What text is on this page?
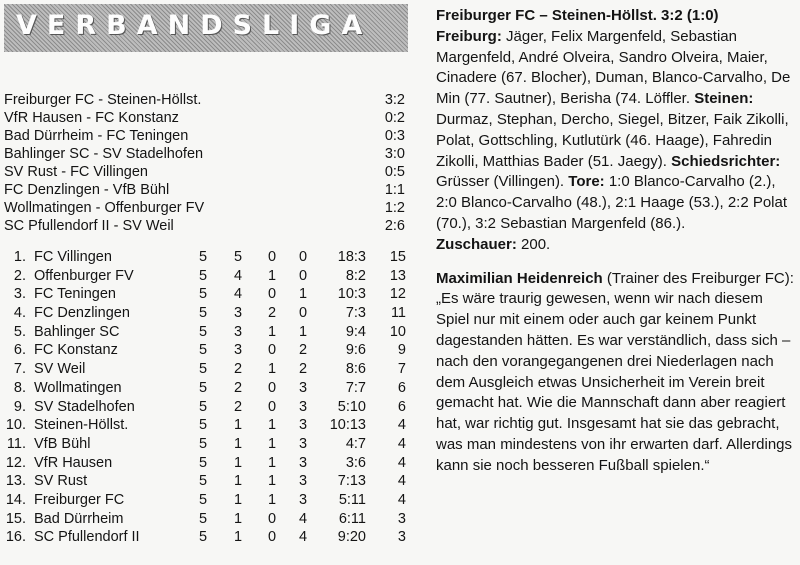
VERBANDSLIGA
Freiburger FC - Steinen-Höllst.	3:2
VfR Hausen - FC Konstanz	0:2
Bad Dürrheim - FC Teningen	0:3
Bahlinger SC - SV Stadelhofen	3:0
SV Rust - FC Villingen	0:5
FC Denzlingen - VfB Bühl	1:1
Wollmatingen - Offenburger FV	1:2
SC Pfullendorf II - SV Weil	2:6
1. FC Villingen	5 5 0 0	18:3	15
2. Offenburger FV	5 4 1 0	8:2	13
3. FC Teningen	5 4 0 1	10:3	12
4. FC Denzlingen	5 3 2 0	7:3	11
5. Bahlinger SC	5 3 1 1	9:4	10
6. FC Konstanz	5 3 0 2	9:6	9
7. SV Weil	5 2 1 2	8:6	7
8. Wollmatingen	5 2 0 3	7:7	6
9. SV Stadelhofen	5 2 0 3	5:10	6
10. Steinen-Höllst.	5 1 1 3	10:13	4
11. VfB Bühl	5 1 1 3	4:7	4
12. VfR Hausen	5 1 1 3	3:6	4
13. SV Rust	5 1 1 3	7:13	4
14. Freiburger FC	5 1 1 3	5:11	4
15. Bad Dürrheim	5 1 0 4	6:11	3
16. SC Pfullendorf II	5 1 0 4	9:20	3

Freiburger FC – Steinen-Höllst. 3:2 (1:0)
Freiburg: Jäger, Felix Margenfeld, Sebastian Margenfeld, André Olveira, Sandro Olveira, Maier, Cinadere (67. Blocher), Duman, Blanco-Carvalho, De Min (77. Sautner), Berisha (74. Löffler. Steinen: Durmaz, Stephan, Dercho, Siegel, Bitzer, Faik Zikolli, Polat, Gottschling, Kutlutürk (46. Haage), Fahredin Zikolli, Matthias Bader (51. Jaegy). Schiedsrichter: Grüsser (Villingen). Tore: 1:0 Blanco-Carvalho (2.), 2:0 Blanco-Carvalho (48.), 2:1 Haage (53.), 2:2 Polat (70.), 3:2 Sebastian Margenfeld (86.).
Zuschauer: 200.

Maximilian Heidenreich (Trainer des Freiburger FC): „Es wäre traurig gewesen, wenn wir nach diesem Spiel nur mit einem oder auch gar keinem Punkt dagestanden hätten. Es war verständlich, dass sich – nach den vorangegangenen drei Niederlagen nach dem Ausgleich etwas Unsicherheit im Verein breit gemacht hat. Wie die Mannschaft dann aber reagiert hat, war richtig gut. Insgesamt hat sie das gebracht, was man mindestens von ihr erwarten darf. Allerdings kann sie noch besseren Fußball spielen.“
